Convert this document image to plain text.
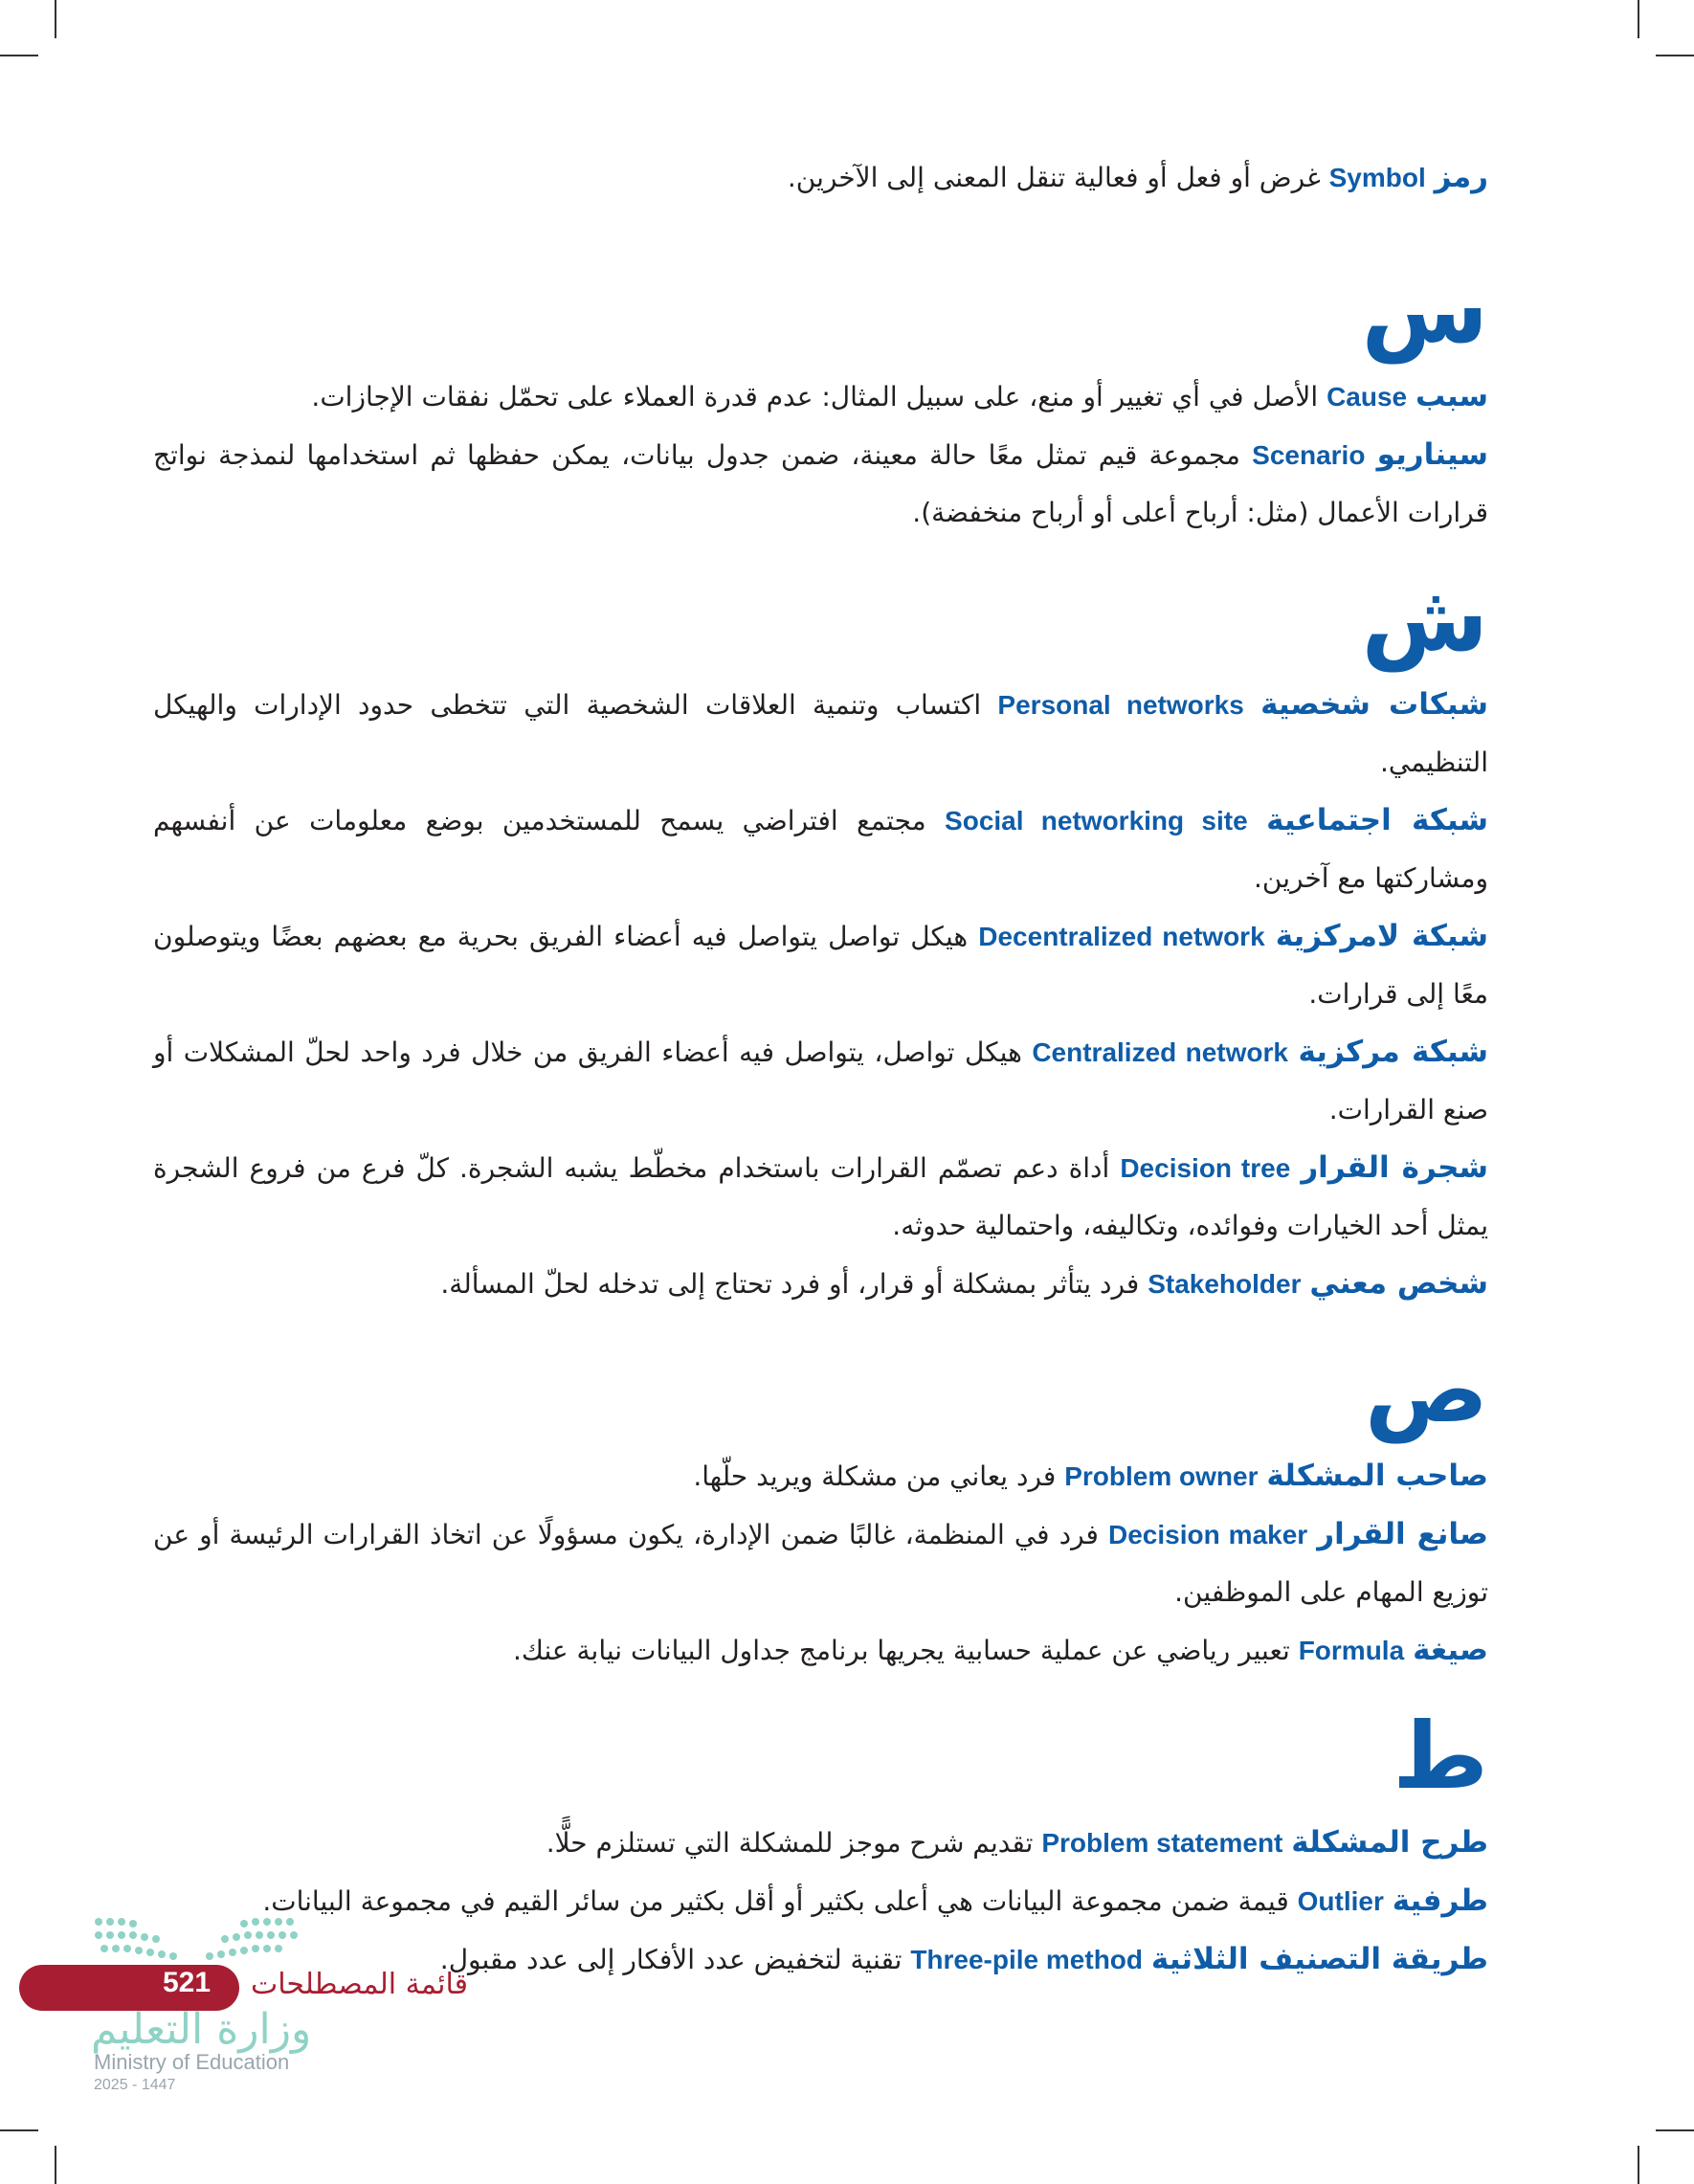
رمز Symbol غرض أو فعل أو فعالية تنقل المعنى إلى الآخرين.

س

سبب Cause الأصل في أي تغيير أو منع، على سبيل المثال: عدم قدرة العملاء على تحمّل نفقات الإجازات.

سيناريو Scenario مجموعة قيم تمثل معًا حالة معينة، ضمن جدول بيانات، يمكن حفظها ثم استخدامها لنمذجة نواتج قرارات الأعمال (مثل: أرباح أعلى أو أرباح منخفضة).

ش

شبكات شخصية Personal networks اكتساب وتنمية العلاقات الشخصية التي تتخطى حدود الإدارات والهيكل التنظيمي.

شبكة اجتماعية Social networking site مجتمع افتراضي يسمح للمستخدمين بوضع معلومات عن أنفسهم ومشاركتها مع آخرين.

شبكة لامركزية Decentralized network هيكل تواصل يتواصل فيه أعضاء الفريق بحرية مع بعضهم بعضًا ويتوصلون معًا إلى قرارات.

شبكة مركزية Centralized network هيكل تواصل، يتواصل فيه أعضاء الفريق من خلال فرد واحد لحلّ المشكلات أو صنع القرارات.

شجرة القرار Decision tree أداة دعم تصمّم القرارات باستخدام مخطّط يشبه الشجرة. كلّ فرع من فروع الشجرة يمثل أحد الخيارات وفوائده، وتكاليفه، واحتمالية حدوثه.

شخص معني Stakeholder فرد يتأثر بمشكلة أو قرار، أو فرد تحتاج إلى تدخله لحلّ المسألة.

ص

صاحب المشكلة Problem owner فرد يعاني من مشكلة ويريد حلّها.

صانع القرار Decision maker فرد في المنظمة، غالبًا ضمن الإدارة، يكون مسؤولًا عن اتخاذ القرارات الرئيسة أو عن توزيع المهام على الموظفين.

صيغة Formula تعبير رياضي عن عملية حسابية يجريها برنامج جداول البيانات نيابة عنك.

ط

طرح المشكلة Problem statement تقديم شرح موجز للمشكلة التي تستلزم حلًّا.

طرفية Outlier قيمة ضمن مجموعة البيانات هي أعلى بكثير أو أقل بكثير من سائر القيم في مجموعة البيانات.

طريقة التصنيف الثلاثية Three-pile method تقنية لتخفيض عدد الأفكار إلى عدد مقبول.

521 قائمة المصطلحات
وزارة التعليم
Ministry of Education
2025 - 1447
